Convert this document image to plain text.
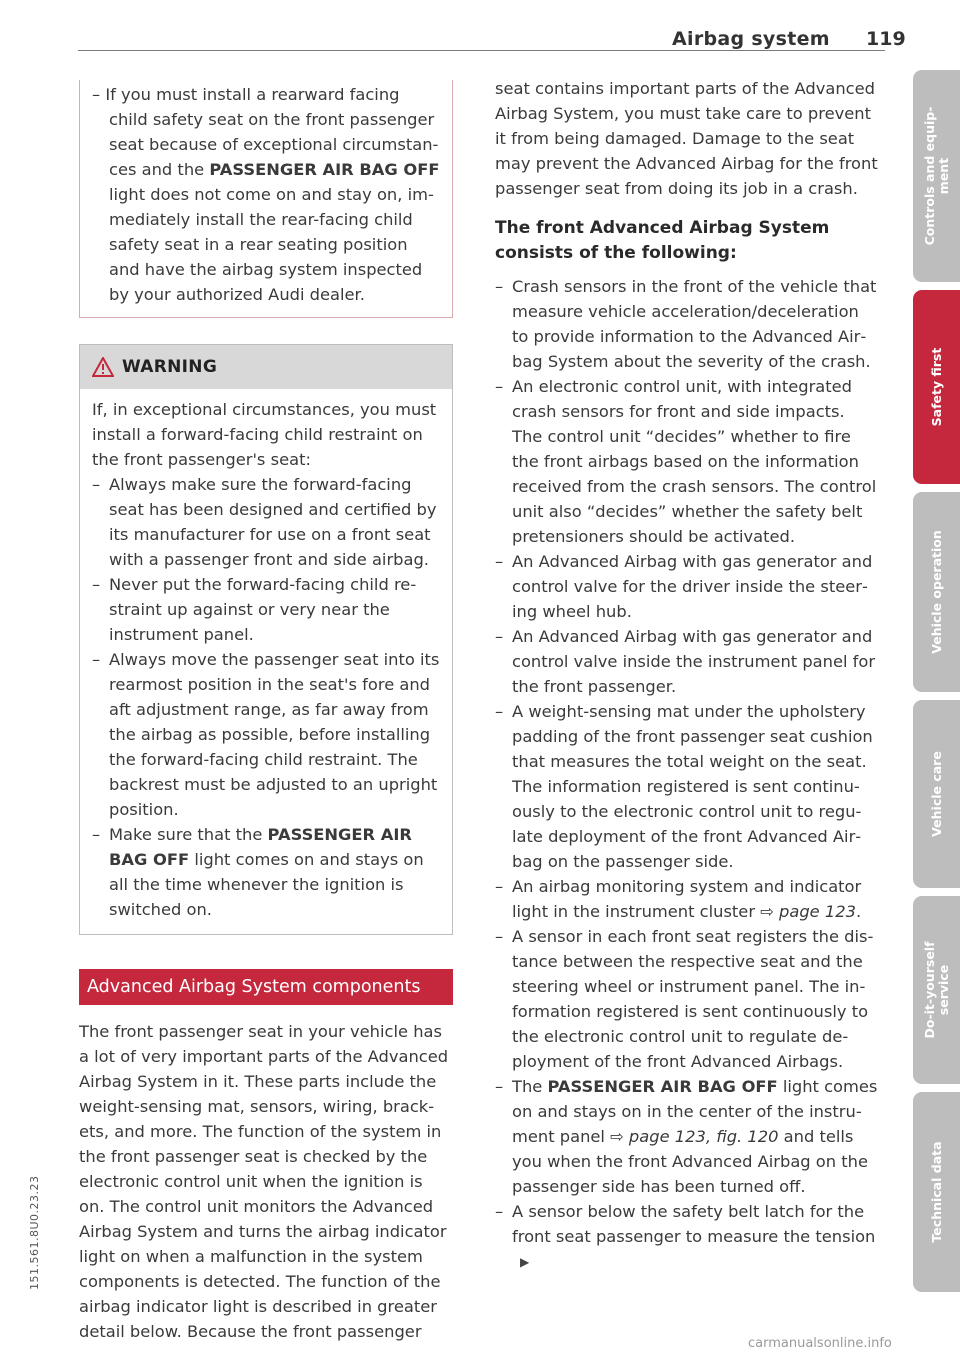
Airbag system 119

– If you must install a rearward facing child safety seat on the front passenger seat because of exceptional circumstances and the PASSENGER AIR BAG OFF light does not come on and stay on, immediately install the rear-facing child safety seat in a rear seating position and have the airbag system inspected by your authorized Audi dealer.

WARNING

If, in exceptional circumstances, you must install a forward-facing child restraint on the front passenger's seat:

– Always make sure the forward-facing seat has been designed and certified by its manufacturer for use on a front seat with a passenger front and side airbag.
– Never put the forward-facing child restraint up against or very near the instrument panel.
– Always move the passenger seat into its rearmost position in the seat's fore and aft adjustment range, as far away from the airbag as possible, before installing the forward-facing child restraint. The backrest must be adjusted to an upright position.
– Make sure that the PASSENGER AIR BAG OFF light comes on and stays on all the time whenever the ignition is switched on.
Advanced Airbag System components

The front passenger seat in your vehicle has a lot of very important parts of the Advanced Airbag System in it. These parts include the weight-sensing mat, sensors, wiring, brackets, and more. The function of the system in the front passenger seat is checked by the electronic control unit when the ignition is on. The control unit monitors the Advanced Airbag System and turns the airbag indicator light on when a malfunction in the system components is detected. The function of the airbag indicator light is described in greater detail below. Because the front passenger

seat contains important parts of the Advanced Airbag System, you must take care to prevent it from being damaged. Damage to the seat may prevent the Advanced Airbag for the front passenger seat from doing its job in a crash.

The front Advanced Airbag System consists of the following:

– Crash sensors in the front of the vehicle that measure vehicle acceleration/deceleration to provide information to the Advanced Airbag System about the severity of the crash.
– An electronic control unit, with integrated crash sensors for front and side impacts. The control unit “decides” whether to fire the front airbags based on the information received from the crash sensors. The control unit also “decides” whether the safety belt pretensioners should be activated.
– An Advanced Airbag with gas generator and control valve for the driver inside the steering wheel hub.
– An Advanced Airbag with gas generator and control valve inside the instrument panel for the front passenger.
– A weight-sensing mat under the upholstery padding of the front passenger seat cushion that measures the total weight on the seat. The information registered is sent continuously to the electronic control unit to regulate deployment of the front Advanced Airbag on the passenger side.
– An airbag monitoring system and indicator light in the instrument cluster ⇨ page 123.
– A sensor in each front seat registers the distance between the respective seat and the steering wheel or instrument panel. The information registered is sent continuously to the electronic control unit to regulate deployment of the front Advanced Airbags.
– The PASSENGER AIR BAG OFF light comes on and stays on in the center of the instrument panel ⇨ page 123, fig. 120 and tells you when the front Advanced Airbag on the passenger side has been turned off.
– A sensor below the safety belt latch for the front seat passenger to measure the tension▶
Controls and equip-
ment
Safety first
Vehicle operation
Vehicle care
Do-it-yourself
service
Technical data
151.561.8U0.23.23
carmanualsonline.info
